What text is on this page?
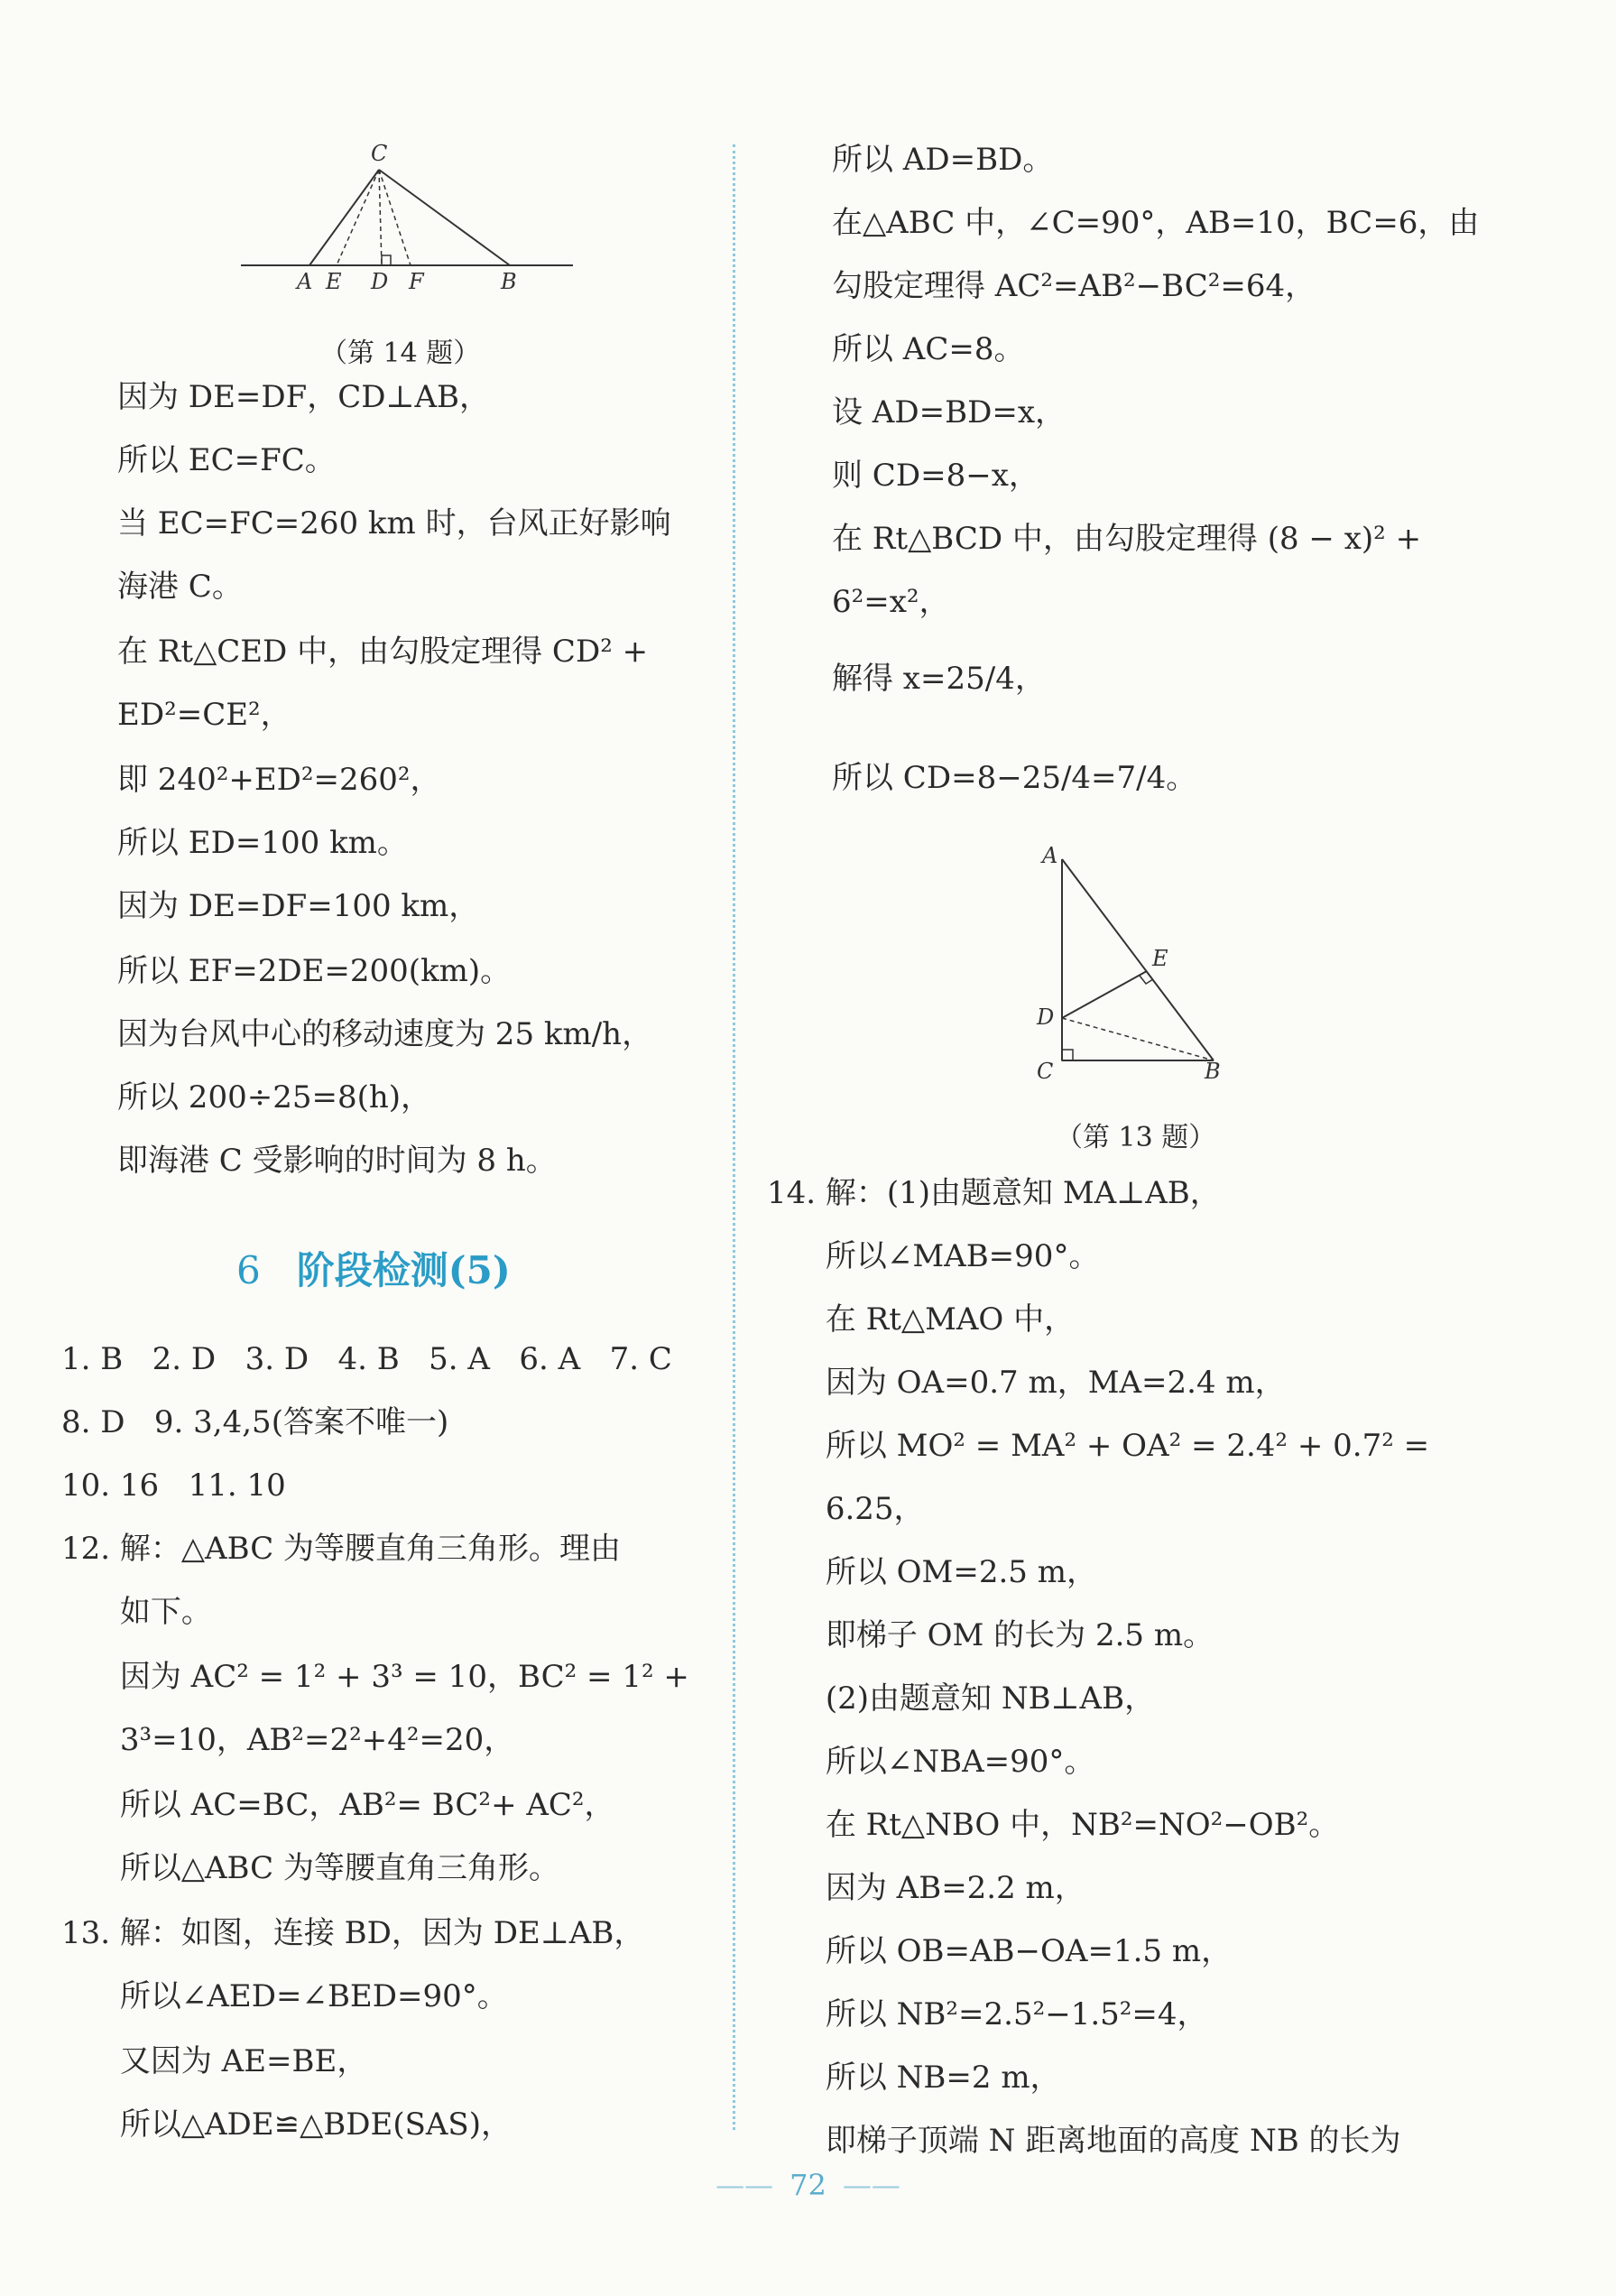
C
A E D F	B
（第 14 题）
因为 DE=DF，CD⊥AB，
所以 EC=FC。
当 EC=FC=260 km 时，台风正好影响
海港 C。
在 Rt△CED 中，由勾股定理得 CD² +
ED²=CE²，
即 240²+ED²=260²，
所以 ED=100 km。
因为 DE=DF=100 km，
所以 EF=2DE=200(km)。
因为台风中心的移动速度为 25 km/h，
所以 200÷25=8(h)，
即海港 C 受影响的时间为 8 h。
6 阶段检测(5)
1. B   2. D   3. D   4. B   5. A   6. A   7. C
8. D   9. 3,4,5(答案不唯一)
10. 16   11. 10
12. 解：△ABC 为等腰直角三角形。理由
如下。
因为 AC² = 1² + 3³ = 10，BC² = 1² +
3³=10，AB²=2²+4²=20，
所以 AC=BC，AB²= BC²+ AC²，
所以△ABC 为等腰直角三角形。
13. 解：如图，连接 BD，因为 DE⊥AB，
所以∠AED=∠BED=90°。
又因为 AE=BE，
所以△ADE≌△BDE(SAS)，
所以 AD=BD。
在△ABC 中，∠C=90°，AB=10，BC=6，由
勾股定理得 AC²=AB²−BC²=64，
所以 AC=8。
设 AD=BD=x，
则 CD=8−x，
在 Rt△BCD 中，由勾股定理得 (8 − x)² +
6²=x²，
解得 x=25/4，
所以 CD=8−25/4=7/4。
A
E
D
C	B
（第 13 题）
14. 解：(1)由题意知 MA⊥AB，
所以∠MAB=90°。
在 Rt△MAO 中，
因为 OA=0.7 m，MA=2.4 m，
所以 MO² = MA² + OA² = 2.4² + 0.7² =
6.25，
所以 OM=2.5 m，
即梯子 OM 的长为 2.5 m。
(2)由题意知 NB⊥AB，
所以∠NBA=90°。
在 Rt△NBO 中，NB²=NO²−OB²。
因为 AB=2.2 m，
所以 OB=AB−OA=1.5 m，
所以 NB²=2.5²−1.5²=4，
所以 NB=2 m，
即梯子顶端 N 距离地面的高度 NB 的长为
—— 72 ——
